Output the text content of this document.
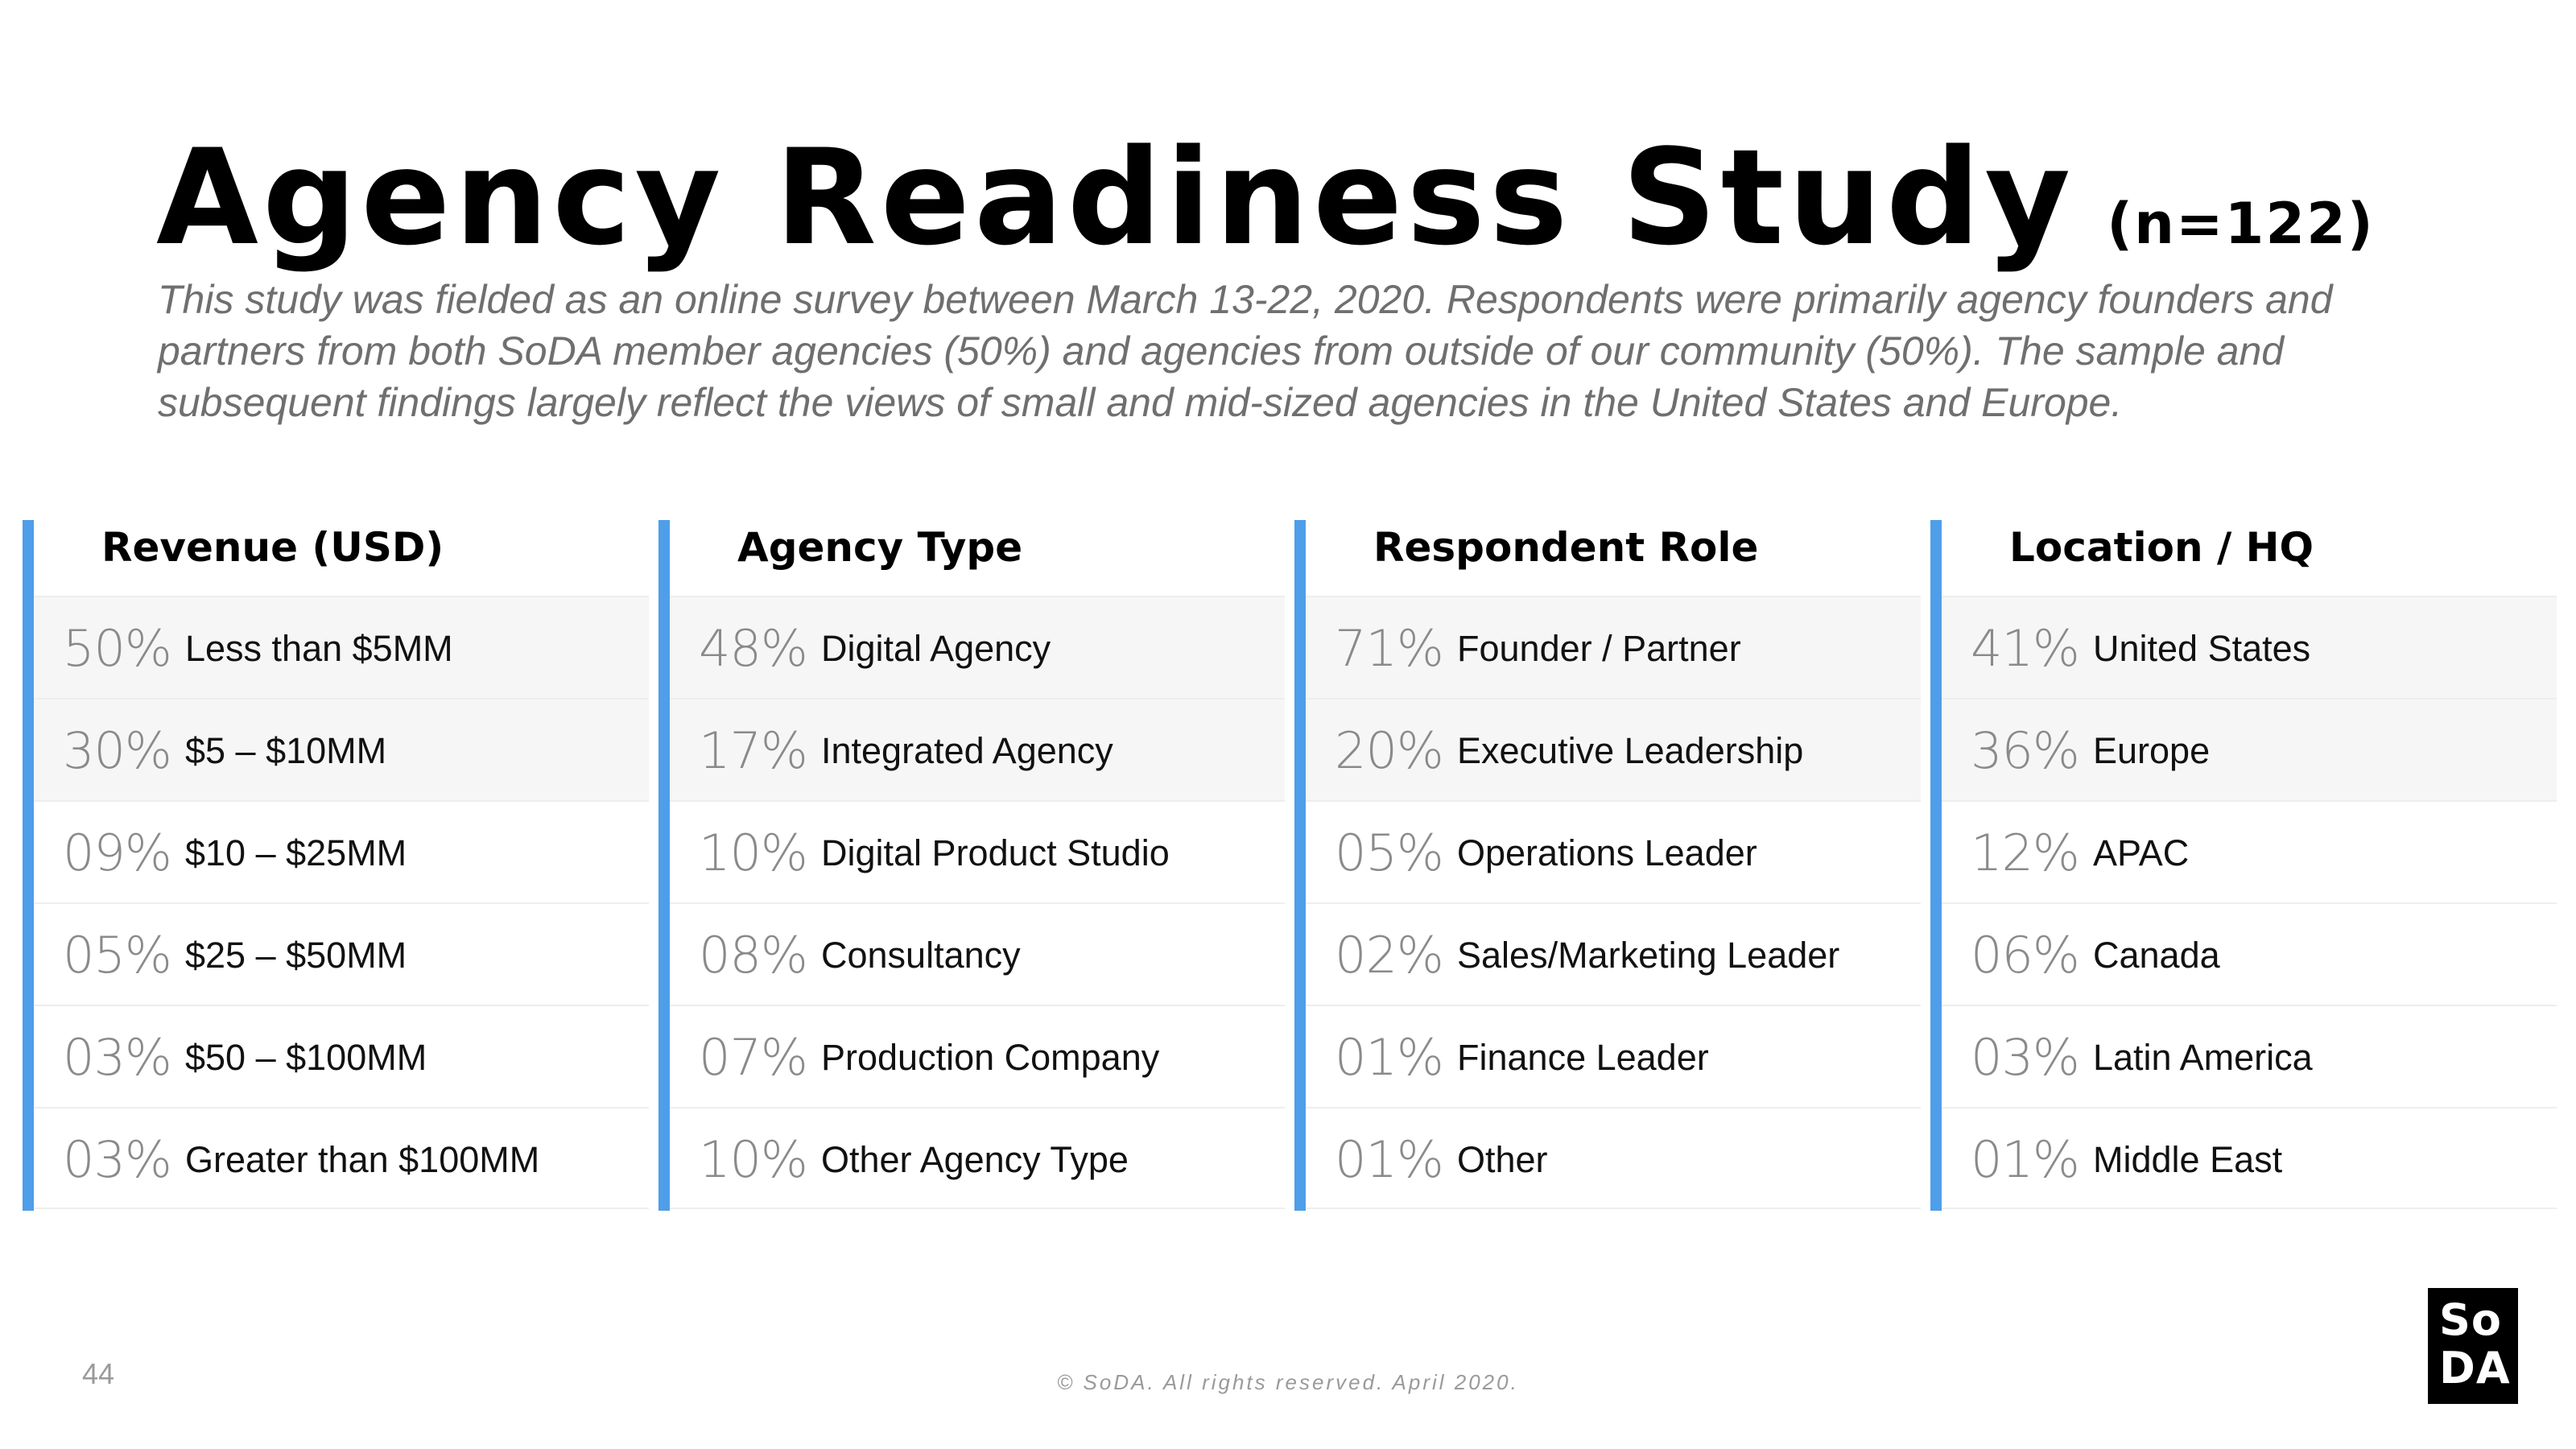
Agency Readiness Study (n=122)

This study was fielded as an online survey between March 13-22, 2020. Respondents were primarily agency founders and partners from both SoDA member agencies (50%) and agencies from outside of our community (50%). The sample and subsequent findings largely reflect the views of small and mid-sized agencies in the United States and Europe.

Revenue (USD)
50% Less than $5MM
30% $5 – $10MM
09% $10 – $25MM
05% $25 – $50MM
03% $50 – $100MM
03% Greater than $100MM
Agency Type
48% Digital Agency
17% Integrated Agency
10% Digital Product Studio
08% Consultancy
07% Production Company
10% Other Agency Type
Respondent Role
71% Founder / Partner
20% Executive Leadership
05% Operations Leader
02% Sales/Marketing Leader
01% Finance Leader
01% Other
Location / HQ
41% United States
36% Europe
12% APAC
06% Canada
03% Latin America
01% Middle East
44	© SoDA. All rights reserved. April 2020.
So
DA
